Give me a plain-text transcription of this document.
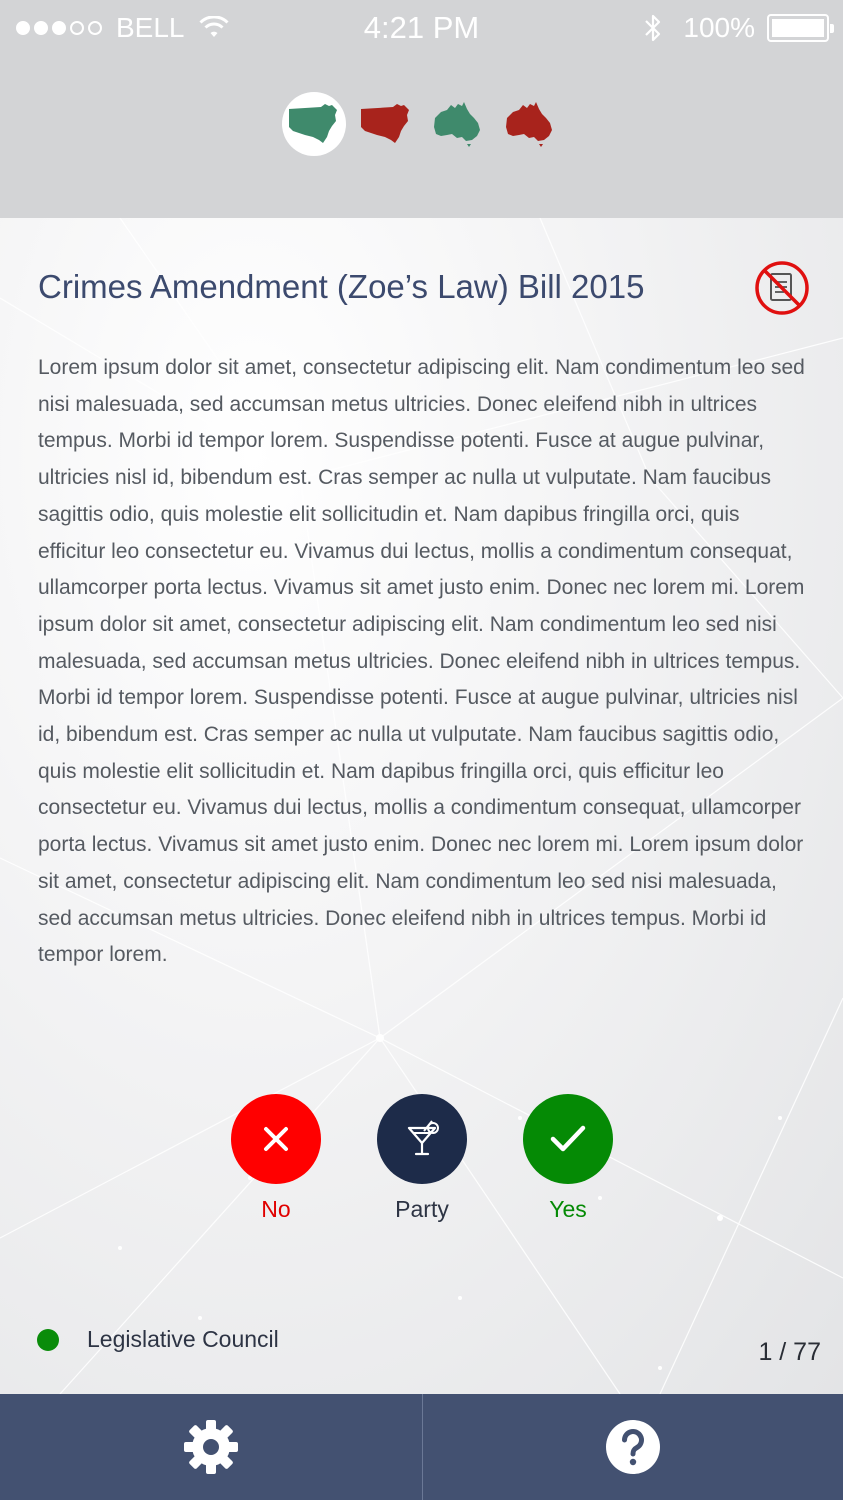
BELL	4:21 PM	100%
Crimes Amendment (Zoe’s Law) Bill 2015

Lorem ipsum dolor sit amet, consectetur adipiscing elit. Nam condimentum leo sed nisi malesuada, sed accumsan metus ultricies. Donec eleifend nibh in ultrices tempus. Morbi id tempor lorem. Suspendisse potenti. Fusce at augue pulvinar, ultricies nisl id, bibendum est. Cras semper ac nulla ut vulputate. Nam faucibus sagittis odio, quis molestie elit sollicitudin et. Nam dapibus fringilla orci, quis efficitur leo consectetur eu. Vivamus dui lectus, mollis a condimentum consequat, ullamcorper porta lectus. Vivamus sit amet justo enim. Donec nec lorem mi. Lorem ipsum dolor sit amet, consectetur adipiscing elit. Nam condimentum leo sed nisi malesuada, sed accumsan metus ultricies. Donec eleifend nibh in ultrices tempus. Morbi id tempor lorem. Suspendisse potenti. Fusce at augue pulvinar, ultricies nisl id, bibendum est. Cras semper ac nulla ut vulputate. Nam faucibus sagittis odio, quis molestie elit sollicitudin et. Nam dapibus fringilla orci, quis efficitur leo consectetur eu. Vivamus dui lectus, mollis a condimentum consequat, ullamcorper porta lectus. Vivamus sit amet justo enim. Donec nec lorem mi. Lorem ipsum dolor sit amet, consectetur adipiscing elit. Nam condimentum leo sed nisi malesuada, sed accumsan metus ultricies. Donec eleifend nibh in ultrices tempus. Morbi id tempor lorem.

No	Party	Yes
Legislative Council	1 / 77
